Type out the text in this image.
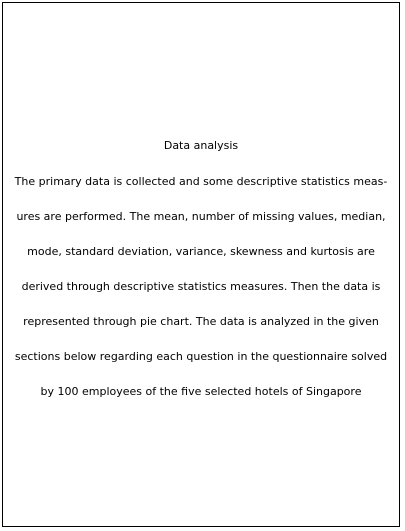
Data analysis
The primary data is collected and some descriptive statistics meas-
ures are performed. The mean, number of missing values, median,
mode, standard deviation, variance, skewness and kurtosis are
derived through descriptive statistics measures. Then the data is
represented through pie chart. The data is analyzed in the given
sections below regarding each question in the questionnaire solved
by 100 employees of the five selected hotels of Singapore
